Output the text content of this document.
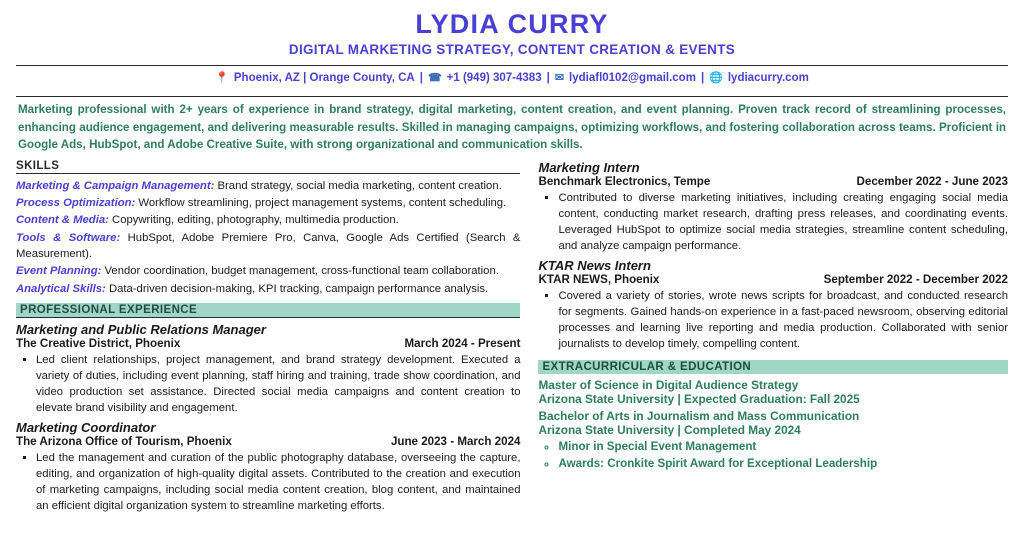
LYDIA CURRY
DIGITAL MARKETING STRATEGY, CONTENT CREATION & EVENTS
📍 Phoenix, AZ | Orange County, CA | ☎ +1 (949) 307-4383 | ✉ lydiafl0102@gmail.com | 🌐 lydiacurry.com
Marketing professional with 2+ years of experience in brand strategy, digital marketing, content creation, and event planning. Proven track record of streamlining processes, enhancing audience engagement, and delivering measurable results. Skilled in managing campaigns, optimizing workflows, and fostering collaboration across teams. Proficient in Google Ads, HubSpot, and Adobe Creative Suite, with strong organizational and communication skills.
SKILLS
Marketing & Campaign Management: Brand strategy, social media marketing, content creation.
Process Optimization: Workflow streamlining, project management systems, content scheduling.
Content & Media: Copywriting, editing, photography, multimedia production.
Tools & Software: HubSpot, Adobe Premiere Pro, Canva, Google Ads Certified (Search & Measurement).
Event Planning: Vendor coordination, budget management, cross-functional team collaboration.
Analytical Skills: Data-driven decision-making, KPI tracking, campaign performance analysis.
PROFESSIONAL EXPERIENCE
Marketing and Public Relations Manager
The Creative District, Phoenix	March 2024 - Present
▪ Led client relationships, project management, and brand strategy development. Executed a variety of duties, including event planning, staff hiring and training, trade show coordination, and video production set assistance. Directed social media campaigns and content creation to elevate brand visibility and engagement.
Marketing Coordinator
The Arizona Office of Tourism, Phoenix	June 2023 - March 2024
▪ Led the management and curation of the public photography database, overseeing the capture, editing, and organization of high-quality digital assets. Contributed to the creation and execution of marketing campaigns, including social media content creation, blog content, and maintained an efficient digital organization system to streamline marketing efforts.
Marketing Intern
Benchmark Electronics, Tempe	December 2022 - June 2023
▪ Contributed to diverse marketing initiatives, including creating engaging social media content, conducting market research, drafting press releases, and coordinating events. Leveraged HubSpot to optimize social media strategies, streamline content scheduling, and analyze campaign performance.
KTAR News Intern
KTAR NEWS, Phoenix	September 2022 - December 2022
▪ Covered a variety of stories, wrote news scripts for broadcast, and conducted research for segments. Gained hands-on experience in a fast-paced newsroom, observing editorial processes and learning live reporting and media production. Collaborated with senior journalists to develop timely, compelling content.
EXTRACURRICULAR & EDUCATION
Master of Science in Digital Audience Strategy
Arizona State University | Expected Graduation: Fall 2025
Bachelor of Arts in Journalism and Mass Communication
Arizona State University | Completed May 2024
◦ Minor in Special Event Management
◦ Awards: Cronkite Spirit Award for Exceptional Leadership
